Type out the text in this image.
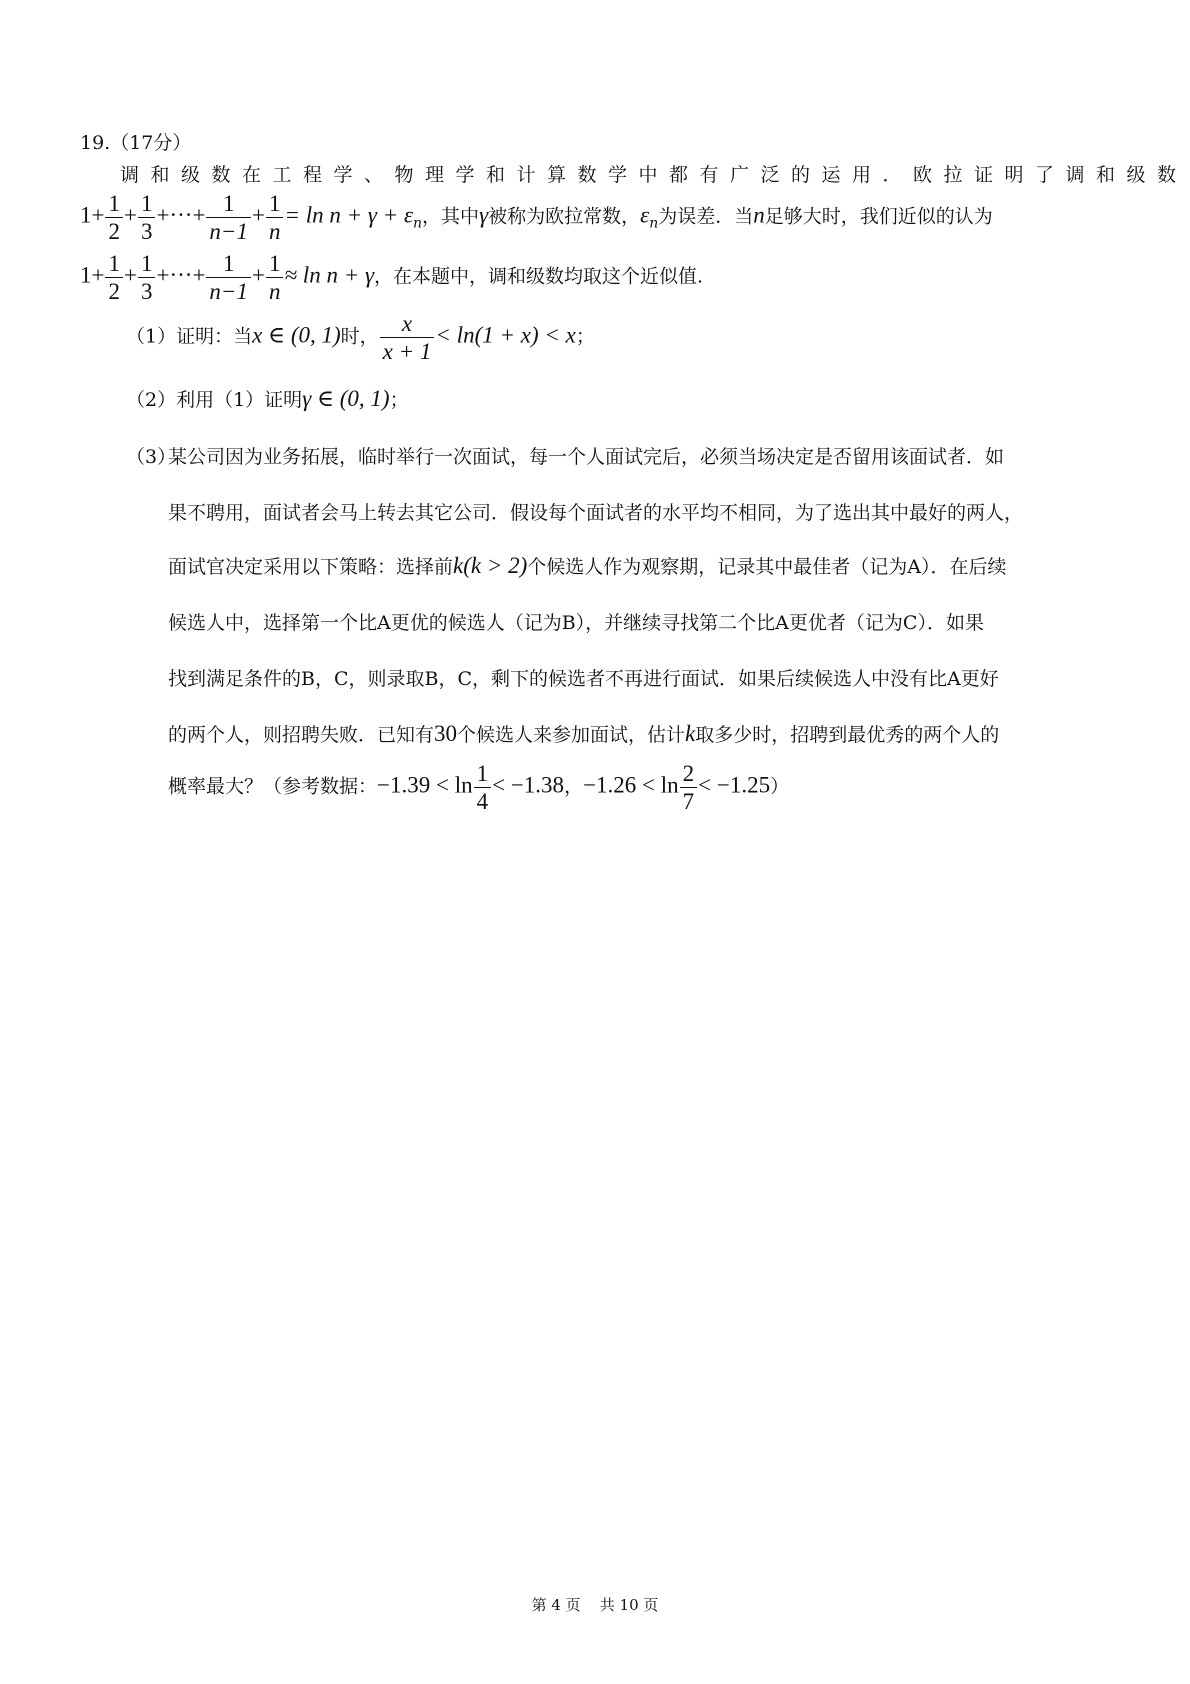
19.（17分）
调和级数在工程学、物理学和计算数学中都有广泛的运用．欧拉证明了调和级数
$1+ \frac{1}{2} + \frac{1}{3}$ +···+ $\frac{1}{n-1} + \frac{1}{n} = \ln n + \gamma + \varepsilon_n$，其中γ被称为欧拉常数，$\varepsilon_n$为误差．当n足够大时，我们近似的认为
$1+ \frac{1}{2} + \frac{1}{3}$ +···+ $\frac{1}{n-1} + \frac{1}{n} \approx \ln n + \gamma$，在本题中，调和级数均取这个近似值.
（1）证明：当x ∈ (0, 1)时， $\frac{x}{x + 1} < \ln(1 + x) < x$；
（2）利用（1）证明γ ∈ (0, 1)；
（3）
某公司因为业务拓展，临时举行一次面试，每一个人面试完后，必须当场决定是否留用该面试者．如
果不聘用，面试者会马上转去其它公司．假设每个面试者的水平均不相同，为了选出其中最好的两人，
面试官决定采用以下策略：选择前k(k > 2)个候选人作为观察期，记录其中最佳者（记为A）．在后续
候选人中，选择第一个比A更优的候选人（记为B），并继续寻找第二个比A更优者（记为C）．如果
找到满足条件的B，C，则录取B，C，剩下的候选者不再进行面试．如果后续候选人中没有比A更好
的两个人，则招聘失败．已知有30个候选人来参加面试，估计k取多少时，招聘到最优秀的两个人的
概率最大？（参考数据：$-1.39 < \ln \frac{1}{4} < -1.38$，$-1.26 < \ln \frac{2}{7} < -1.25$）
第 4 页 共 10 页
